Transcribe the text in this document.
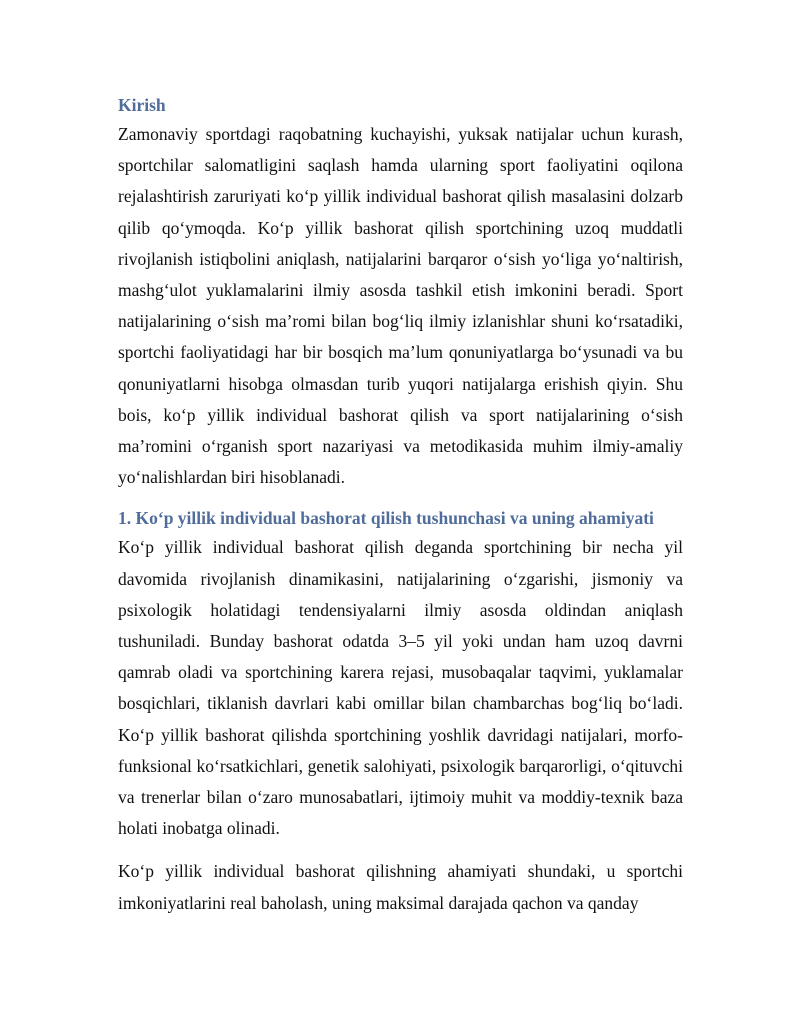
Kirish

Zamonaviy sportdagi raqobatning kuchayishi, yuksak natijalar uchun kurash, sportchilar salomatligini saqlash hamda ularning sport faoliyatini oqilona rejalashtirish zaruriyati ko‘p yillik individual bashorat qilish masalasini dolzarb qilib qo‘ymoqda. Ko‘p yillik bashorat qilish sportchining uzoq muddatli rivojlanish istiqbolini aniqlash, natijalarini barqaror o‘sish yo‘liga yo‘naltirish, mashg‘ulot yuklamalarini ilmiy asosda tashkil etish imkonini beradi. Sport natijalarining o‘sish ma’romi bilan bog‘liq ilmiy izlanishlar shuni ko‘rsatadiki, sportchi faoliyatidagi har bir bosqich ma’lum qonuniyatlarga bo‘ysunadi va bu qonuniyatlarni hisobga olmasdan turib yuqori natijalarga erishish qiyin. Shu bois, ko‘p yillik individual bashorat qilish va sport natijalarining o‘sish ma’romini o‘rganish sport nazariyasi va metodikasida muhim ilmiy-amaliy yo‘nalishlardan biri hisoblanadi.

1. Ko‘p yillik individual bashorat qilish tushunchasi va uning ahamiyati

Ko‘p yillik individual bashorat qilish deganda sportchining bir necha yil davomida rivojlanish dinamikasini, natijalarining o‘zgarishi, jismoniy va psixologik holatidagi tendensiyalarni ilmiy asosda oldindan aniqlash tushuniladi. Bunday bashorat odatda 3–5 yil yoki undan ham uzoq davrni qamrab oladi va sportchining karera rejasi, musobaqalar taqvimi, yuklamalar bosqichlari, tiklanish davrlari kabi omillar bilan chambarchas bog‘liq bo‘ladi. Ko‘p yillik bashorat qilishda sportchining yoshlik davridagi natijalari, morfo-funksional ko‘rsatkichlari, genetik salohiyati, psixologik barqarorligi, o‘qituvchi va trenerlar bilan o‘zaro munosabatlari, ijtimoiy muhit va moddiy-texnik baza holati inobatga olinadi.

Ko‘p yillik individual bashorat qilishning ahamiyati shundaki, u sportchi imkoniyatlarini real baholash, uning maksimal darajada qachon va qanday
